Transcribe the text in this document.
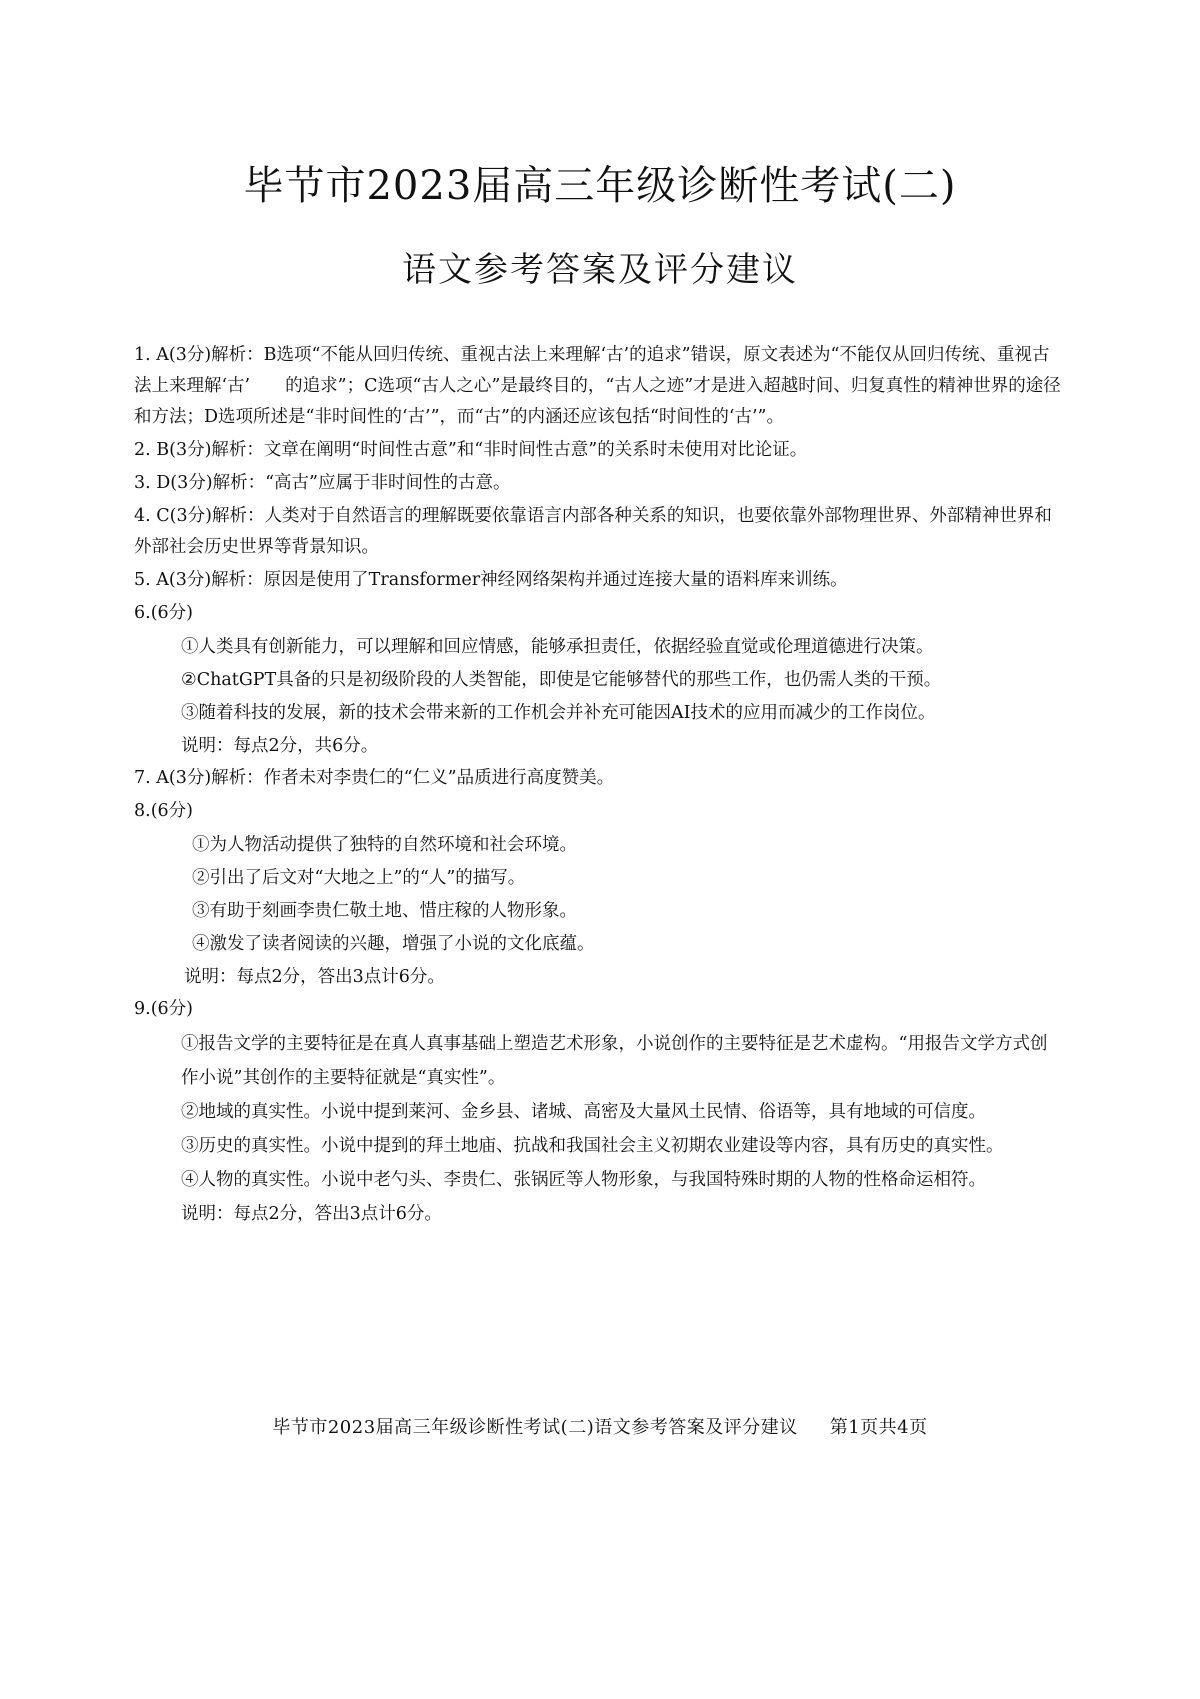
毕节市2023届高三年级诊断性考试(二)
语文参考答案及评分建议
1. A(3分)解析：B选项“不能从回归传统、重视古法上来理解‘古’的追求”错误，原文表述为“不能仅从回归传统、重视古法上来理解‘古’　　的追求”；C选项“古人之心”是最终目的，“古人之迹”才是进入超越时间、归复真性的精神世界的途径和方法；D选项所述是“非时间性的‘古’”，而“古”的内涵还应该包括“时间性的‘古’”。
2. B(3分)解析：文章在阐明“时间性古意”和“非时间性古意”的关系时未使用对比论证。
3. D(3分)解析：“高古”应属于非时间性的古意。
4. C(3分)解析：人类对于自然语言的理解既要依靠语言内部各种关系的知识，也要依靠外部物理世界、外部精神世界和外部社会历史世界等背景知识。
5. A(3分)解析：原因是使用了Transformer神经网络架构并通过连接大量的语料库来训练。
6.(6分)
①人类具有创新能力，可以理解和回应情感，能够承担责任，依据经验直觉或伦理道德进行决策。
②ChatGPT具备的只是初级阶段的人类智能，即使是它能够替代的那些工作，也仍需人类的干预。
③随着科技的发展，新的技术会带来新的工作机会并补充可能因AI技术的应用而减少的工作岗位。
说明：每点2分，共6分。
7. A(3分)解析：作者未对李贵仁的“仁义”品质进行高度赞美。
8.(6分)
①为人物活动提供了独特的自然环境和社会环境。
②引出了后文对“大地之上”的“人”的描写。
③有助于刻画李贵仁敬土地、惜庄稼的人物形象。
④激发了读者阅读的兴趣，增强了小说的文化底蕴。
说明：每点2分，答出3点计6分。
9.(6分)
①报告文学的主要特征是在真人真事基础上塑造艺术形象，小说创作的主要特征是艺术虚构。“用报告文学方式创作小说”其创作的主要特征就是“真实性”。
②地域的真实性。小说中提到莱河、金乡县、诸城、高密及大量风土民情、俗语等，具有地域的可信度。
③历史的真实性。小说中提到的拜土地庙、抗战和我国社会主义初期农业建设等内容，具有历史的真实性。
④人物的真实性。小说中老勺头、李贵仁、张锅匠等人物形象，与我国特殊时期的人物的性格命运相符。
说明：每点2分，答出3点计6分。
毕节市2023届高三年级诊断性考试(二)语文参考答案及评分建议 第1页共4页
